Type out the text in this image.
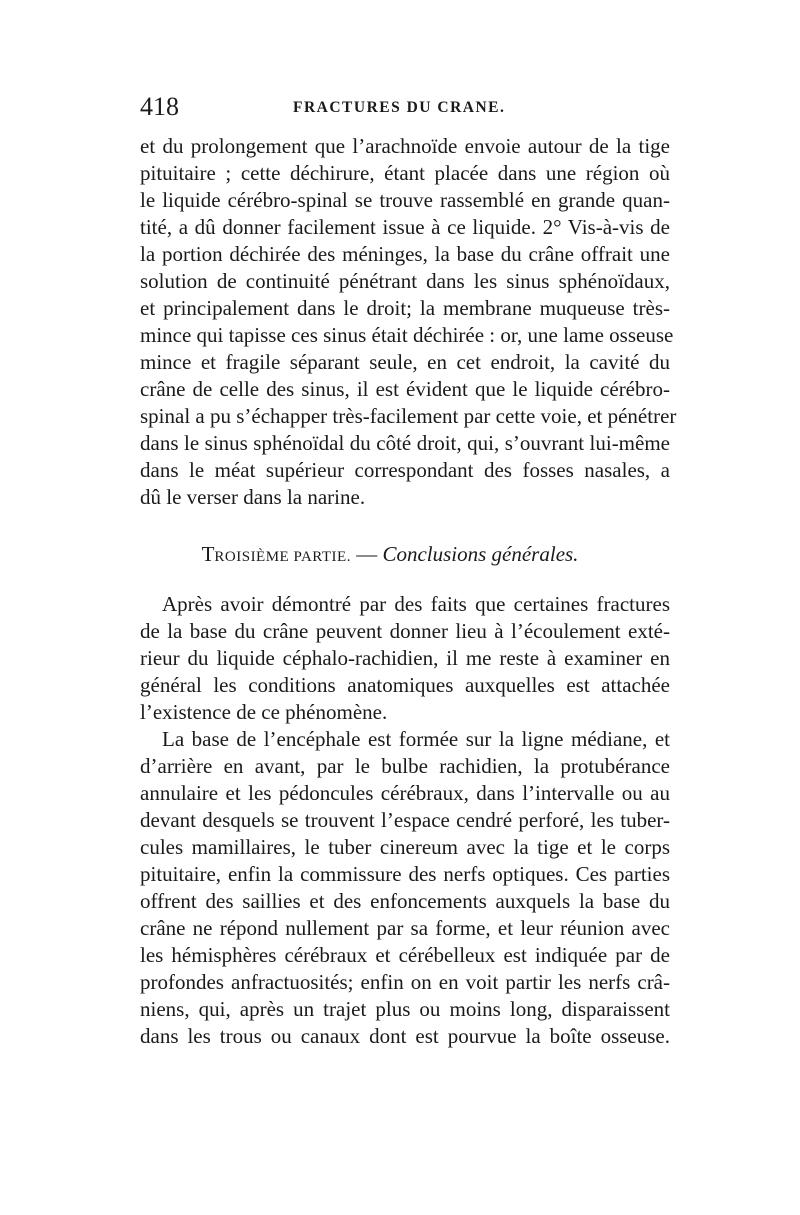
418	FRACTURES DU CRANE.
et du prolongement que l’arachnoïde envoie autour de la tige
pituitaire ; cette déchirure, étant placée dans une région où
le liquide cérébro-spinal se trouve rassemblé en grande quan-
tité, a dû donner facilement issue à ce liquide. 2° Vis-à-vis de
la portion déchirée des méninges, la base du crâne offrait une
solution de continuité pénétrant dans les sinus sphénoïdaux,
et principalement dans le droit; la membrane muqueuse très-
mince qui tapisse ces sinus était déchirée : or, une lame osseuse
mince et fragile séparant seule, en cet endroit, la cavité du
crâne de celle des sinus, il est évident que le liquide cérébro-
spinal a pu s’échapper très-facilement par cette voie, et pénétrer
dans le sinus sphénoïdal du côté droit, qui, s’ouvrant lui-même
dans le méat supérieur correspondant des fosses nasales, a
dû le verser dans la narine.
TROISIÈME PARTIE. — Conclusions générales.
Après avoir démontré par des faits que certaines fractures
de la base du crâne peuvent donner lieu à l’écoulement exté-
rieur du liquide céphalo-rachidien, il me reste à examiner en
général les conditions anatomiques auxquelles est attachée
l’existence de ce phénomène.
La base de l’encéphale est formée sur la ligne médiane, et
d’arrière en avant, par le bulbe rachidien, la protubérance
annulaire et les pédoncules cérébraux, dans l’intervalle ou au
devant desquels se trouvent l’espace cendré perforé, les tuber-
cules mamillaires, le tuber cinereum avec la tige et le corps
pituitaire, enfin la commissure des nerfs optiques. Ces parties
offrent des saillies et des enfoncements auxquels la base du
crâne ne répond nullement par sa forme, et leur réunion avec
les hémisphères cérébraux et cérébelleux est indiquée par de
profondes anfractuosités; enfin on en voit partir les nerfs crâ-
niens, qui, après un trajet plus ou moins long, disparaissent
dans les trous ou canaux dont est pourvue la boîte osseuse.
